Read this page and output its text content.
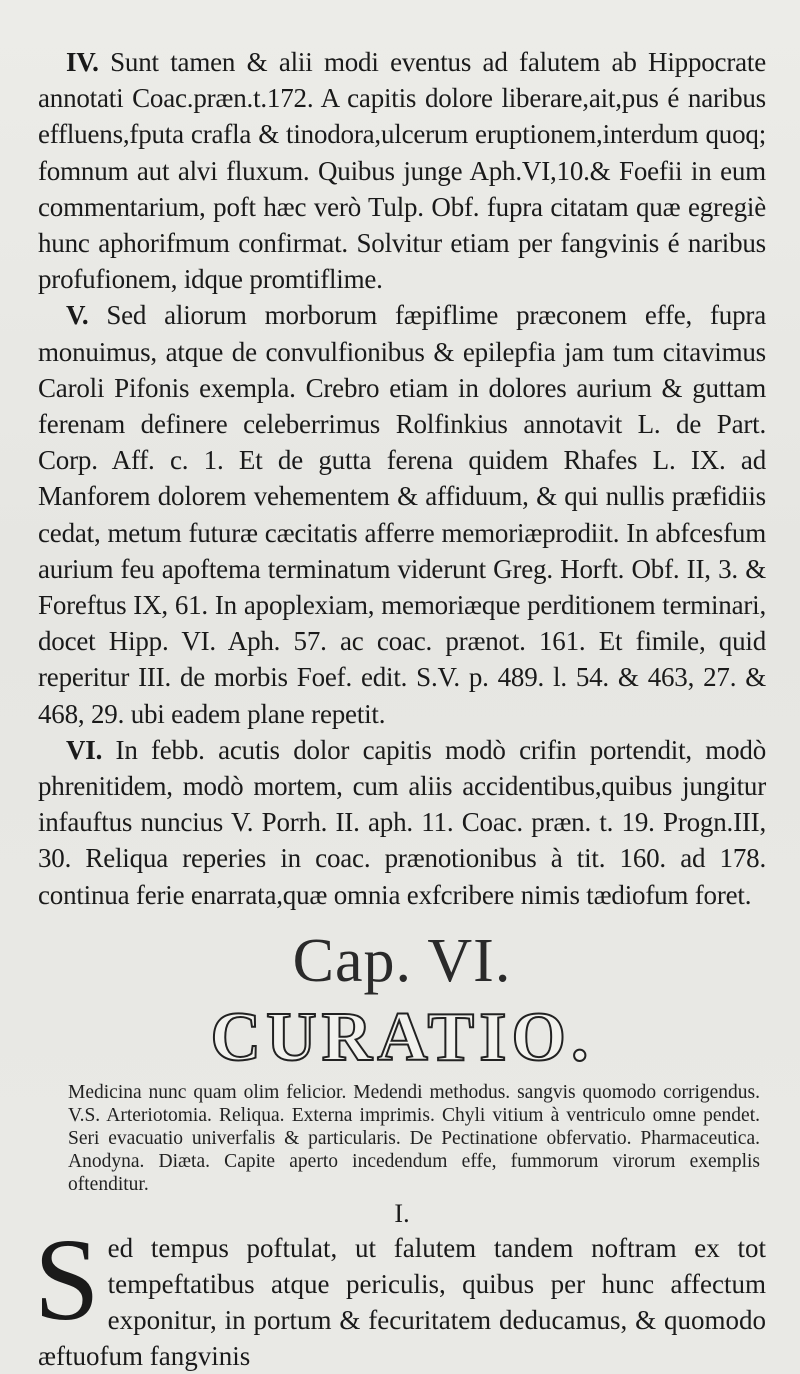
IV. Sunt tamen & alii modi eventus ad falutem ab Hippocrate annotati Coac.præn.t.172. A capitis dolore liberare,ait,pus é naribus effluens,fputa crafla & tinodora,ulcerum eruptionem,interdum quoq; fomnum aut alvi fluxum. Quibus junge Aph.VI,10.& Foefii in eum commentarium, poft hæc verò Tulp. Obf. fupra citatam quæ egregiè hunc aphorifmum confirmat. Solvitur etiam per fangvinis é naribus profufionem, idque promtiflime.

V. Sed aliorum morborum fæpiflime præconem effe, fupra monuimus, atque de convulfionibus & epilepfia jam tum citavimus Caroli Pifonis exempla. Crebro etiam in dolores aurium & guttam ferenam definere celeberrimus Rolfinkius annotavit L. de Part. Corp. Aff. c. 1. Et de gutta ferena quidem Rhafes L. IX. ad Manforem dolorem vehementem & affiduum, & qui nullis præfidiis cedat, metum futuræ cæcitatis afferre memoriæprodiit. In abfcesfum aurium feu apoftema terminatum viderunt Greg. Horft. Obf. II, 3. & Foreftus IX, 61. In apoplexiam, memoriæque perditionem terminari, docet Hipp. VI. Aph. 57. ac coac. prænot. 161. Et fimile, quid reperitur III. de morbis Foef. edit. S.V. p. 489. l. 54. & 463, 27. & 468, 29. ubi eadem plane repetit.

VI. In febb. acutis dolor capitis modò crifin portendit, modò phrenitidem, modò mortem, cum aliis accidentibus,quibus jungitur infauftus nuncius V. Porrh. II. aph. 11. Coac. præn. t. 19. Progn.III, 30. Reliqua reperies in coac. prænotionibus à tit. 160. ad 178. continua ferie enarrata,quæ omnia exfcribere nimis tædiofum foret.

Cap. VI.
CURATIO.

Medicina nunc quam olim felicior. Medendi methodus. sangvis quomodo corrigendus. V.S. Arteriotomia. Reliqua. Externa imprimis. Chyli vitium à ventriculo omne pendet. Seri evacuatio univerfalis & particularis. De Pectinatione obfervatio. Pharmaceutica. Anodyna. Diæta. Capite aperto incedendum effe, fummorum virorum exemplis oftenditur.

I.

S ed tempus poftulat, ut falutem tandem noftram ex tot tempeftatibus atque periculis, quibus per hunc affectum exponitur, in portum & fecuritatem deducamus, & quomodo æftuofum fangvinis
